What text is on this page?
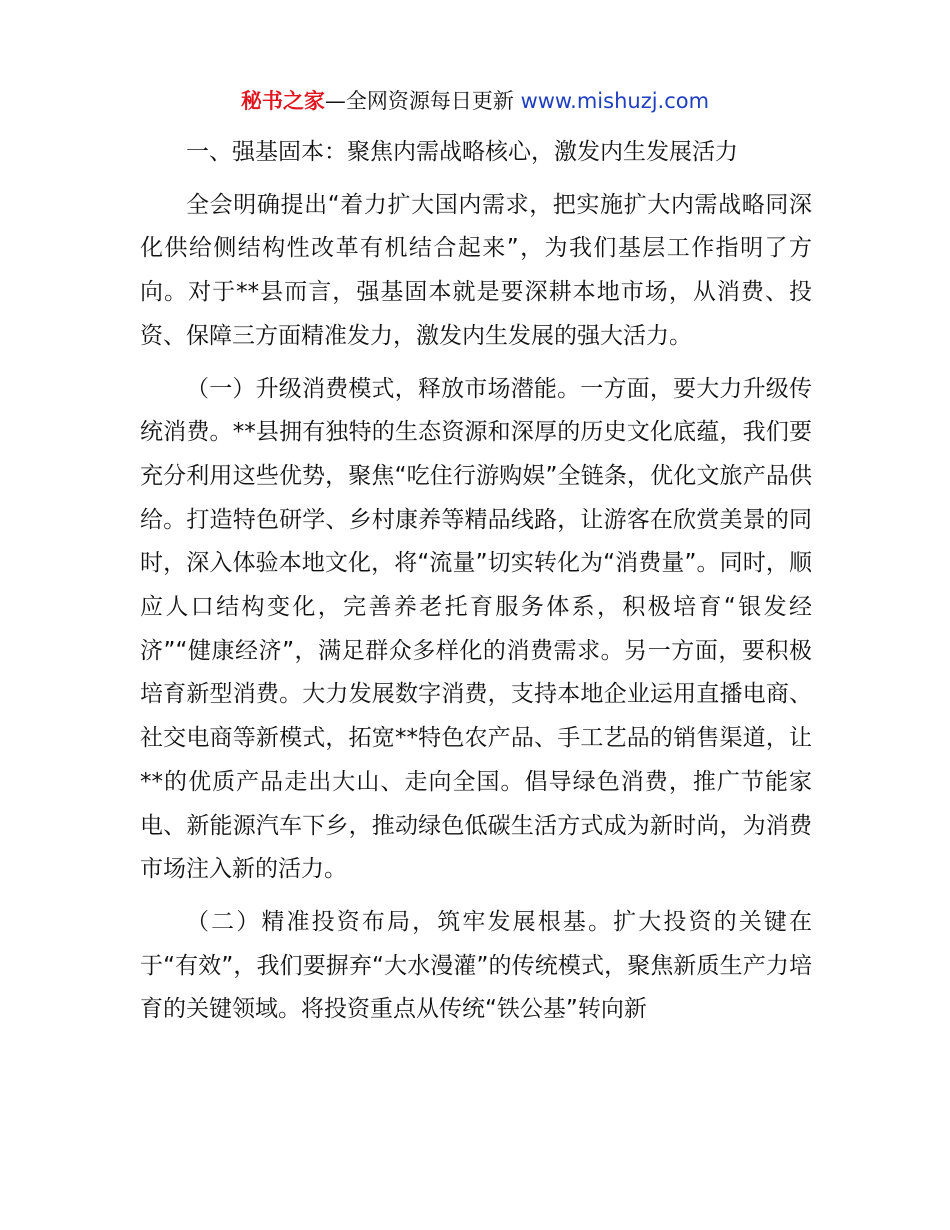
秘书之家—全网资源每日更新 www.mishuzj.com

一、强基固本：聚焦内需战略核心，激发内生发展活力

全会明确提出“着力扩大国内需求，把实施扩大内需战略同深化供给侧结构性改革有机结合起来”，为我们基层工作指明了方向。对于**县而言，强基固本就是要深耕本地市场，从消费、投资、保障三方面精准发力，激发内生发展的强大活力。

（一）升级消费模式，释放市场潜能。一方面，要大力升级传统消费。**县拥有独特的生态资源和深厚的历史文化底蕴，我们要充分利用这些优势，聚焦“吃住行游购娱”全链条，优化文旅产品供给。打造特色研学、乡村康养等精品线路，让游客在欣赏美景的同时，深入体验本地文化，将“流量”切实转化为“消费量”。同时，顺应人口结构变化，完善养老托育服务体系，积极培育“银发经济”“健康经济”，满足群众多样化的消费需求。另一方面，要积极培育新型消费。大力发展数字消费，支持本地企业运用直播电商、社交电商等新模式，拓宽**特色农产品、手工艺品的销售渠道，让**的优质产品走出大山、走向全国。倡导绿色消费，推广节能家电、新能源汽车下乡，推动绿色低碳生活方式成为新时尚，为消费市场注入新的活力。

（二）精准投资布局，筑牢发展根基。扩大投资的关键在于“有效”，我们要摒弃“大水漫灌”的传统模式，聚焦新质生产力培育的关键领域。将投资重点从传统“铁公基”转向新
